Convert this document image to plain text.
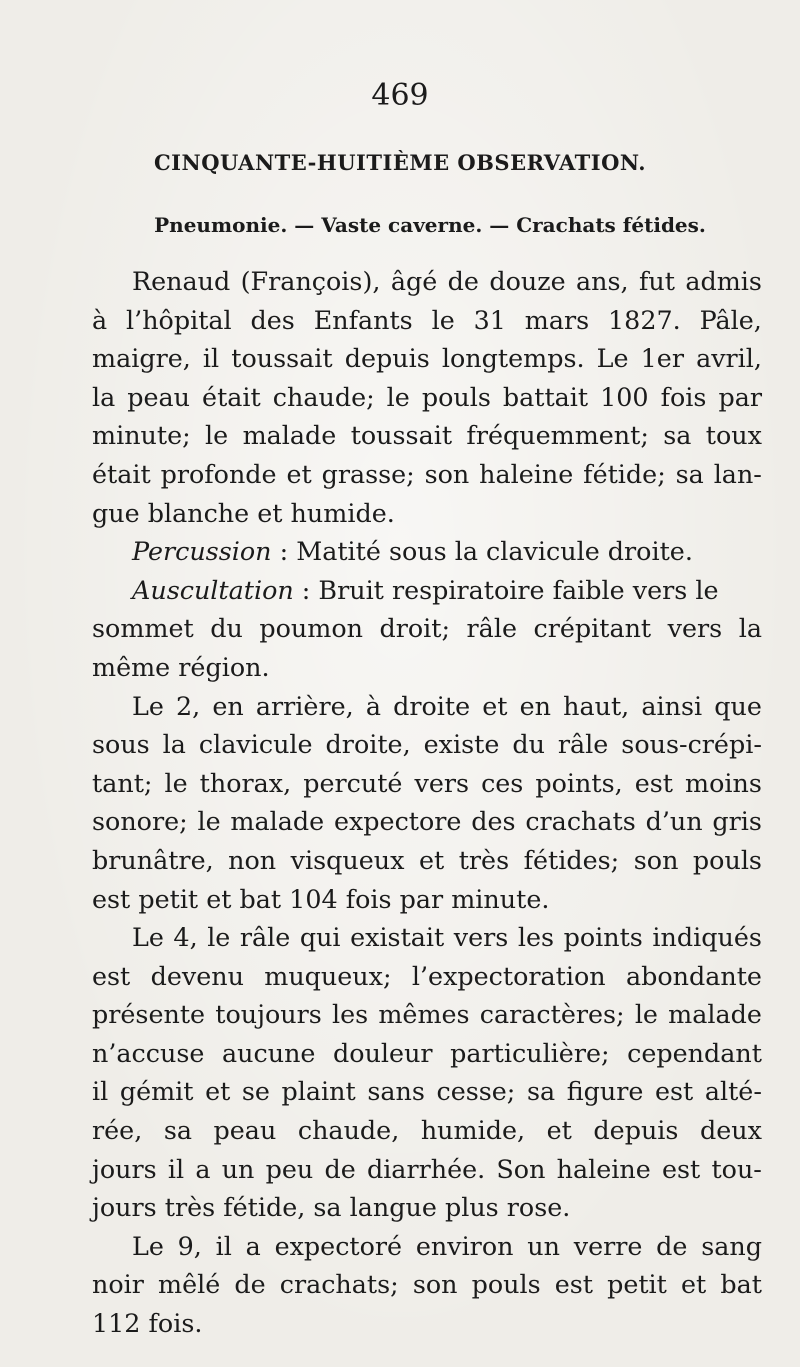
469
CINQUANTE-HUITIÈME OBSERVATION.
Pneumonie. — Vaste caverne. — Crachats fétides.
Renaud (François), âgé de douze ans, fut admis
à l’hôpital des Enfants le 31 mars 1827. Pâle,
maigre, il toussait depuis longtemps. Le 1er avril,
la peau était chaude; le pouls battait 100 fois par
minute; le malade toussait fréquemment; sa toux
était profonde et grasse; son haleine fétide; sa lan-
gue blanche et humide.
Percussion : Matité sous la clavicule droite.
Auscultation : Bruit respiratoire faible vers le
sommet du poumon droit; râle crépitant vers la
même région.
Le 2, en arrière, à droite et en haut, ainsi que
sous la clavicule droite, existe du râle sous-crépi-
tant; le thorax, percuté vers ces points, est moins
sonore; le malade expectore des crachats d’un gris
brunâtre, non visqueux et très fétides; son pouls
est petit et bat 104 fois par minute.
Le 4, le râle qui existait vers les points indiqués
est devenu muqueux; l’expectoration abondante
présente toujours les mêmes caractères; le malade
n’accuse aucune douleur particulière; cependant
il gémit et se plaint sans cesse; sa figure est alté-
rée, sa peau chaude, humide, et depuis deux
jours il a un peu de diarrhée. Son haleine est tou-
jours très fétide, sa langue plus rose.
Le 9, il a expectoré environ un verre de sang
noir mêlé de crachats; son pouls est petit et bat
112 fois.
